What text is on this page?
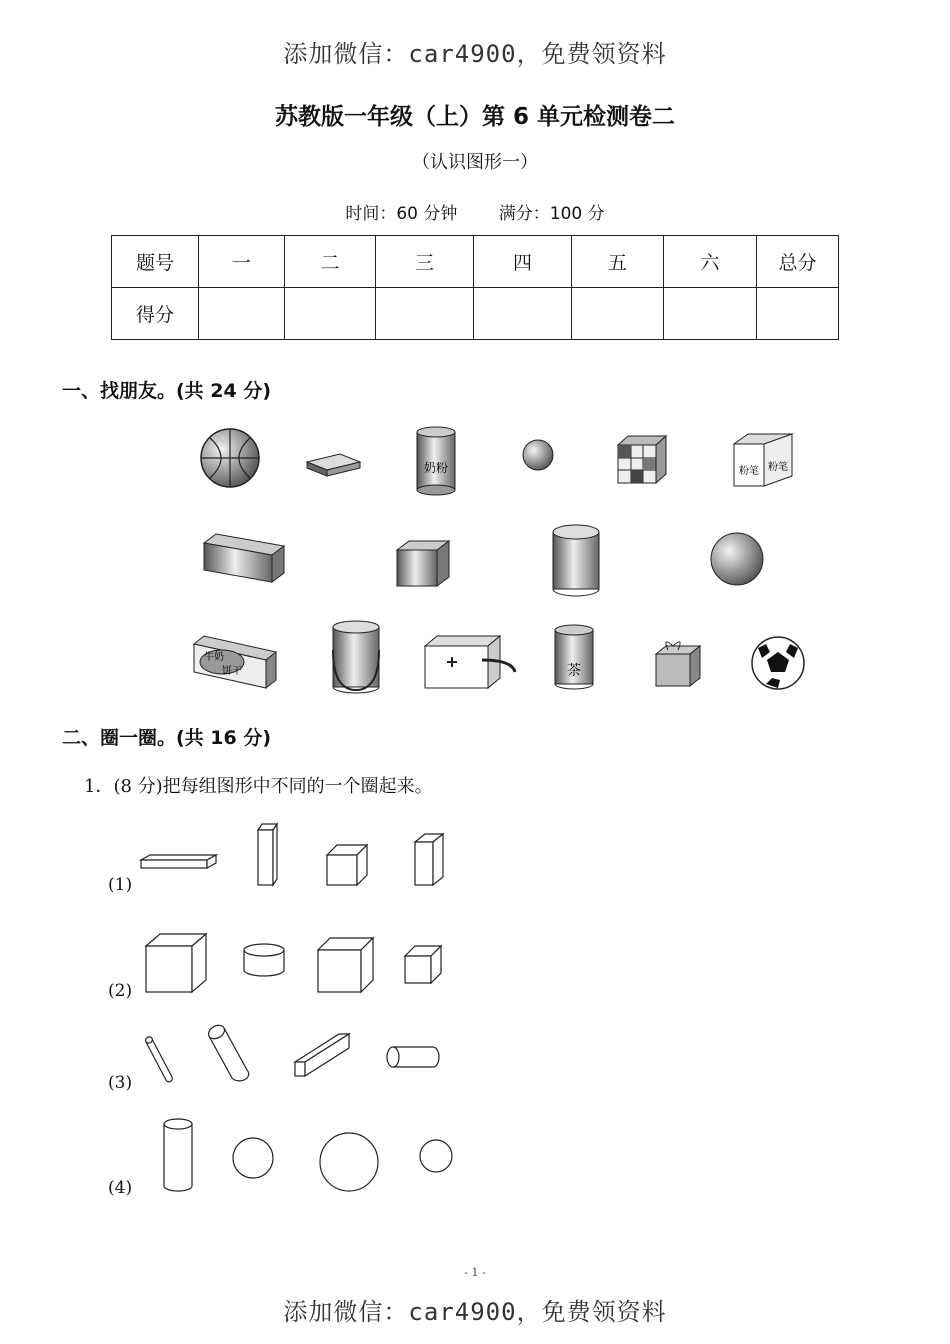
添加微信：car4900，免费领资料
添加微信：car4900，免费领资料
苏教版一年级（上）第 6 单元检测卷二
（认识图形一）
时间：60 分钟 满分：100 分
题号	一	二	三	四	五	六	总分
得分							
一、找朋友。(共 24 分)
奶粉	粉笔 粉笔
牛奶
饼干	茶
二、圈一圈。(共 16 分)
1．(8 分)把每组图形中不同的一个圈起来。
(1)
(2)
(3)
(4)
- 1 -
